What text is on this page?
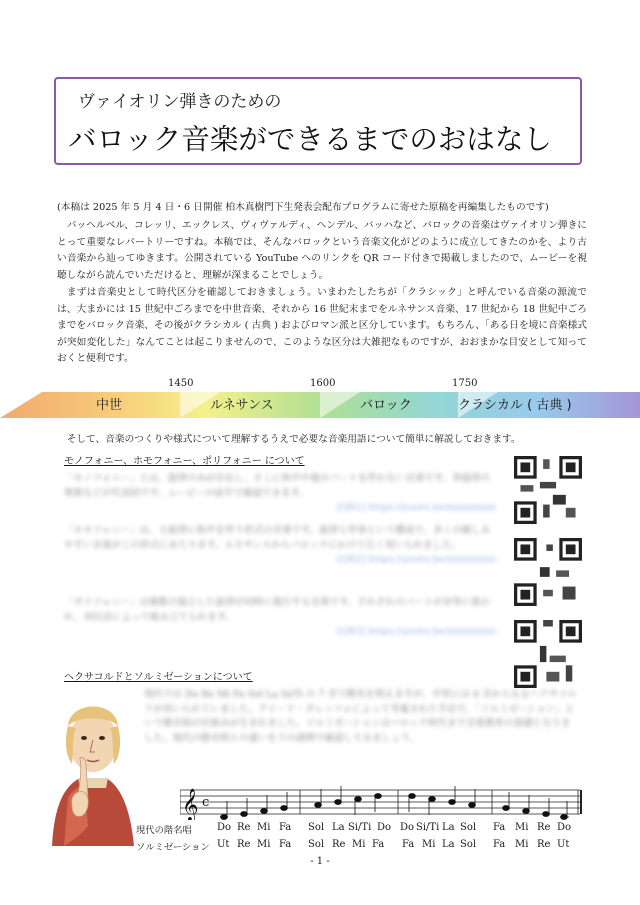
ヴァイオリン弾きのための
バロック音楽ができるまでのおはなし

(本稿は 2025 年 5 月 4 日・6 日開催 柏木真樹門下生発表会配布プログラムに寄せた原稿を再編集したものです)

パッヘルベル、コレッリ、エックレス、ヴィヴァルディ、ヘンデル、バッハなど、バロックの音楽はヴァイオリン弾きにとって重要なレパートリーですね。本稿では、そんなバロックという音楽文化がどのように成立してきたのかを、より古い音楽から辿ってゆきます。公開されている YouTube へのリンクを QR コード付きで掲載しましたので、ムービーを視聴しながら読んでいただけると、理解が深まることでしょう。

まずは音楽史として時代区分を確認しておきましょう。いまわたしたちが「クラシック」と呼んでいる音楽の源流では、大まかには 15 世紀中ごろまでを中世音楽、それから 16 世紀末までをルネサンス音楽、17 世紀から 18 世紀中ごろまでをバロック音楽、その後がクラシカル ( 古典 ) およびロマン派と区分しています。もちろん、「ある日を境に音楽様式が突如変化した」なんてことは起こりませんので、このような区分は大雑把なものですが、おおまかな目安として知っておくと便利です。

1450	1600	1750
中世	ルネサンス	バロック	クラシカル ( 古典 )

そして、音楽のつくりや様式について理解するうえで必要な音楽用語について簡単に解説しておきます。

モノフォニー、ホモフォニー、ポリフォニー について

「モノフォニー」とは、旋律のみが存在し、そこに和声や他のパートを伴わない音楽です。単旋律の聖歌などが代表的です。ムービーの前半で確認できます。

[QR1] https://youtu.be/xxxxxxxxx

「ホモフォニー」は、主旋律に和声を伴う形式の音楽です。旋律と伴奏という構成で、多くの親しみやすい音楽がこの形式にあたります。ルネサンスからバロックにかけて広く用いられました。

[QR2] https://youtu.be/xxxxxxxxx

「ポリフォニー」は複数の独立した旋律が同時に進行する音楽です。それぞれのパートが対等に扱われ、対位法によって組み立てられます。

[QR3] https://youtu.be/xxxxxxxxx

ヘクサコルドとソルミゼーションについて

現代では Do Re Mi Fa Sol La Si/Ti の 7 音で階名を唱えますが、中世には 6 音からなるヘクサコルドが用いられていました。グイード・ダレッツォによって考案された手法で、「ソルミゼーション」という階名唱の仕組みが生まれました。ソルミゼーションはバロック時代まで音楽教育の基礎となりました。現代の階名唱との違いを下の譜例で確認してみましょう。

𝄞 c
現代の階名唱	Do Re Mi Fa Sol La Si/Ti Do Do Si/Ti La Sol Fa Mi Re Do
ソルミゼーション Ut Re Mi Fa Sol Re Mi Fa Fa Mi La Sol Fa Mi Re Ut
- 1 -
